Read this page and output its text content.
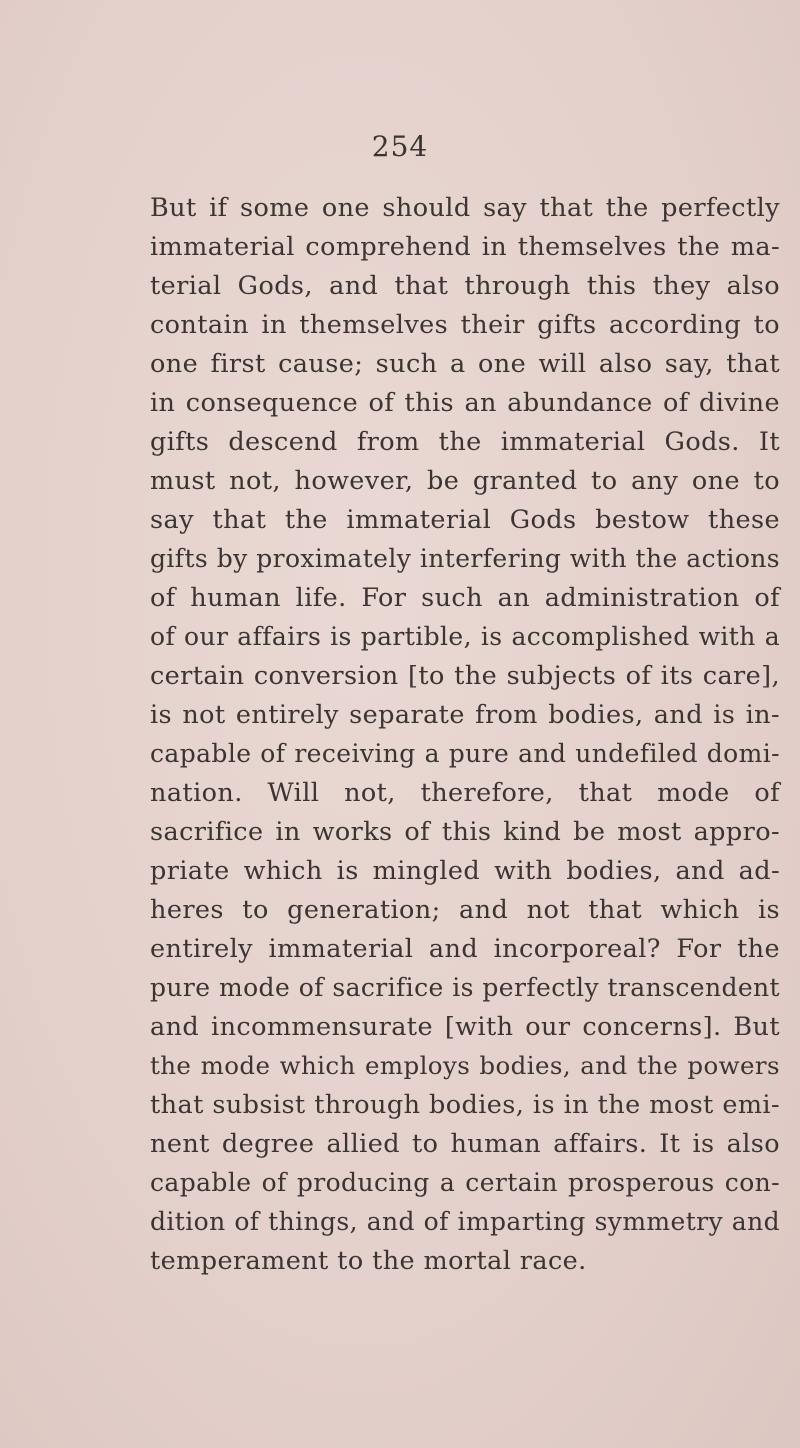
254
But if some one should say that the perfectly
immaterial comprehend in themselves the ma-
terial Gods, and that through this they also
contain in themselves their gifts according to
one first cause; such a one will also say, that
in consequence of this an abundance of divine
gifts descend from the immaterial Gods. It
must not, however, be granted to any one to
say that the immaterial Gods bestow these
gifts by proximately interfering with the actions
of human life. For such an administration of
of our affairs is partible, is accomplished with a
certain conversion [to the subjects of its care],
is not entirely separate from bodies, and is in-
capable of receiving a pure and undefiled domi-
nation. Will not, therefore, that mode of
sacrifice in works of this kind be most appro-
priate which is mingled with bodies, and ad-
heres to generation; and not that which is
entirely immaterial and incorporeal? For the
pure mode of sacrifice is perfectly transcendent
and incommensurate [with our concerns]. But
the mode which employs bodies, and the powers
that subsist through bodies, is in the most emi-
nent degree allied to human affairs. It is also
capable of producing a certain prosperous con-
dition of things, and of imparting symmetry and
temperament to the mortal race.
